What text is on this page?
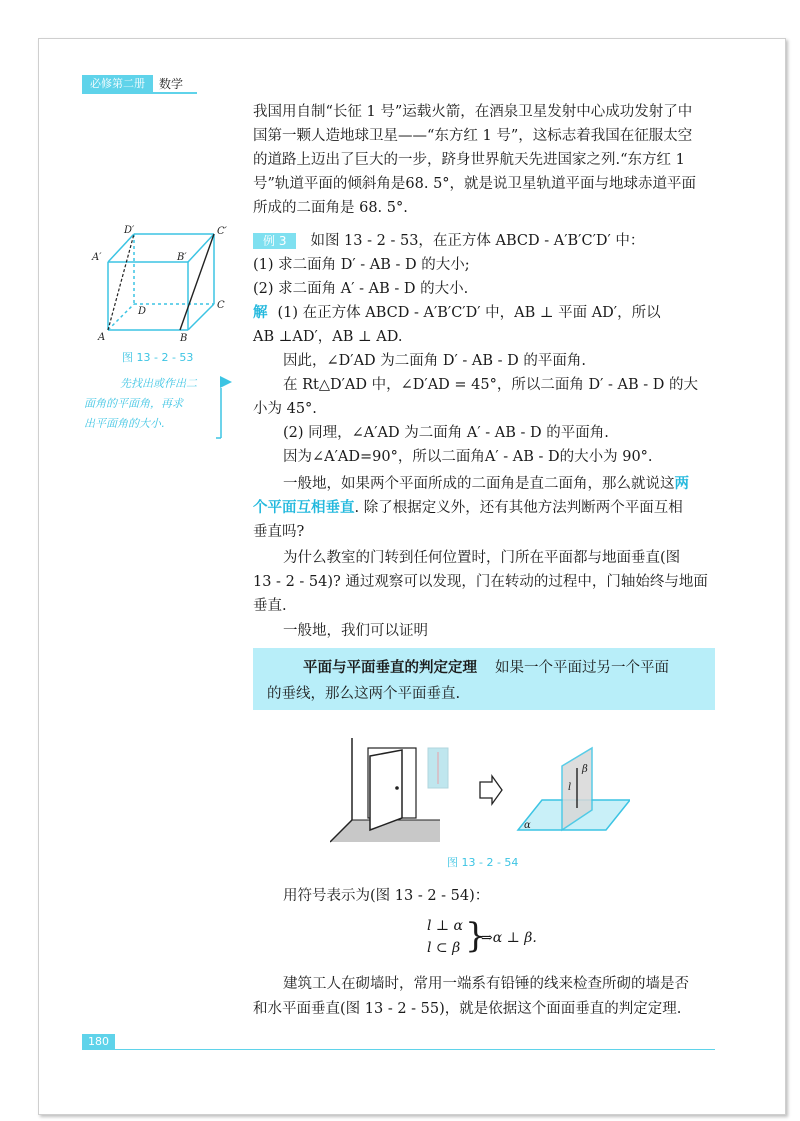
必修第二册	数学
我国用自制“长征 1 号”运载火箭，在酒泉卫星发射中心成功发射了中
国第一颗人造地球卫星——“东方红 1 号”，这标志着我国在征服太空
的道路上迈出了巨大的一步，跻身世界航天先进国家之列.“东方红 1
号”轨道平面的倾斜角是68. 5°，就是说卫星轨道平面与地球赤道平面
所成的二面角是 68. 5°.
例 3 如图 13 - 2 - 53，在正方体 ABCD - A′B′C′D′ 中：
(1) 求二面角 D′ - AB - D 的大小;
(2) 求二面角 A′ - AB - D 的大小.
解 (1) 在正方体 ABCD - A′B′C′D′ 中，AB ⊥ 平面 AD′，所以
AB ⊥AD′，AB ⊥ AD.
因此，∠D′AD 为二面角 D′ - AB - D 的平面角.
在 Rt△D′AD 中，∠D′AD = 45°，所以二面角 D′ - AB - D 的大
小为 45°.
(2) 同理，∠A′AD 为二面角 A′ - AB - D 的平面角.
因为∠A′AD=90°，所以二面角A′ - AB - D的大小为 90°.
一般地，如果两个平面所成的二面角是直二面角，那么就说这两
个平面互相垂直. 除了根据定义外，还有其他方法判断两个平面互相
垂直吗?
为什么教室的门转到任何位置时，门所在平面都与地面垂直(图
13 - 2 - 54)? 通过观察可以发现，门在转动的过程中，门轴始终与地面
垂直.
一般地，我们可以证明
平面与平面垂直的判定定理 如果一个平面过另一个平面
的垂线，那么这两个平面垂直.
D′	C′
A′	B′
D
C
A	B
图 13 - 2 - 53
先找出或作出二
面角的平面角，再求
出平面角的大小.
β
l
α
图 13 - 2 - 54
用符号表示为(图 13 - 2 - 54)：
l ⊥ α
l ⊂ β }
⇒α ⊥ β.
建筑工人在砌墙时，常用一端系有铅锤的线来检查所砌的墙是否
和水平面垂直(图 13 - 2 - 55)，就是依据这个面面垂直的判定定理.
180
